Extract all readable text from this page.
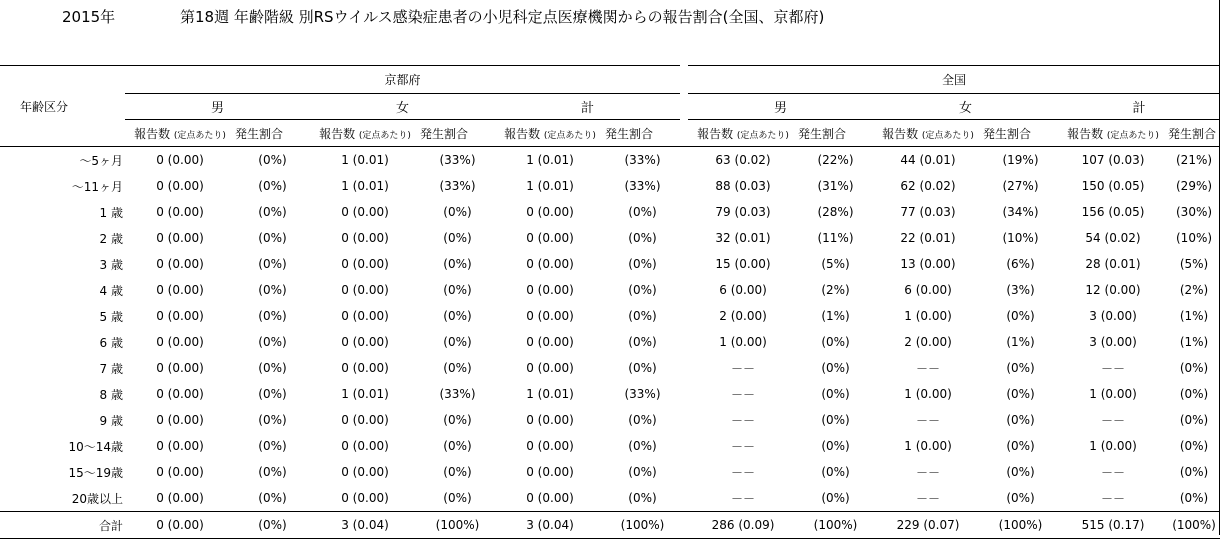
2015年	第18週 年齢階級 別RSウイルス感染症患者の小児科定点医療機関からの報告割合(全国、京都府)
	京都府							全国					
年齢区分	男		女		計			男		女		計	
	報告数 (定点あたり)	発生割合	報告数 (定点あたり)	発生割合	報告数 (定点あたり)	発生割合		報告数 (定点あたり)	発生割合	報告数 (定点あたり)	発生割合	報告数 (定点あたり)	発生割合
～5ヶ月	0 (0.00)	(0%)	1 (0.01)	(33%)	1 (0.01)	(33%)		63 (0.02)	(22%)	44 (0.01)	(19%)	107 (0.03)	(21%)
～11ヶ月	0 (0.00)	(0%)	1 (0.01)	(33%)	1 (0.01)	(33%)		88 (0.03)	(31%)	62 (0.02)	(27%)	150 (0.05)	(29%)
1 歳	0 (0.00)	(0%)	0 (0.00)	(0%)	0 (0.00)	(0%)		79 (0.03)	(28%)	77 (0.03)	(34%)	156 (0.05)	(30%)
2 歳	0 (0.00)	(0%)	0 (0.00)	(0%)	0 (0.00)	(0%)		32 (0.01)	(11%)	22 (0.01)	(10%)	54 (0.02)	(10%)
3 歳	0 (0.00)	(0%)	0 (0.00)	(0%)	0 (0.00)	(0%)		15 (0.00)	(5%)	13 (0.00)	(6%)	28 (0.01)	(5%)
4 歳	0 (0.00)	(0%)	0 (0.00)	(0%)	0 (0.00)	(0%)		6 (0.00)	(2%)	6 (0.00)	(3%)	12 (0.00)	(2%)
5 歳	0 (0.00)	(0%)	0 (0.00)	(0%)	0 (0.00)	(0%)		2 (0.00)	(1%)	1 (0.00)	(0%)	3 (0.00)	(1%)
6 歳	0 (0.00)	(0%)	0 (0.00)	(0%)	0 (0.00)	(0%)		1 (0.00)	(0%)	2 (0.00)	(1%)	3 (0.00)	(1%)
7 歳	0 (0.00)	(0%)	0 (0.00)	(0%)	0 (0.00)	(0%)		－－	(0%)	－－	(0%)	－－	(0%)
8 歳	0 (0.00)	(0%)	1 (0.01)	(33%)	1 (0.01)	(33%)		－－	(0%)	1 (0.00)	(0%)	1 (0.00)	(0%)
9 歳	0 (0.00)	(0%)	0 (0.00)	(0%)	0 (0.00)	(0%)		－－	(0%)	－－	(0%)	－－	(0%)
10～14歳	0 (0.00)	(0%)	0 (0.00)	(0%)	0 (0.00)	(0%)		－－	(0%)	1 (0.00)	(0%)	1 (0.00)	(0%)
15～19歳	0 (0.00)	(0%)	0 (0.00)	(0%)	0 (0.00)	(0%)		－－	(0%)	－－	(0%)	－－	(0%)
20歳以上	0 (0.00)	(0%)	0 (0.00)	(0%)	0 (0.00)	(0%)		－－	(0%)	－－	(0%)	－－	(0%)
合計	0 (0.00)	(0%)	3 (0.04)	(100%)	3 (0.04)	(100%)		286 (0.09)	(100%)	229 (0.07)	(100%)	515 (0.17)	(100%)
